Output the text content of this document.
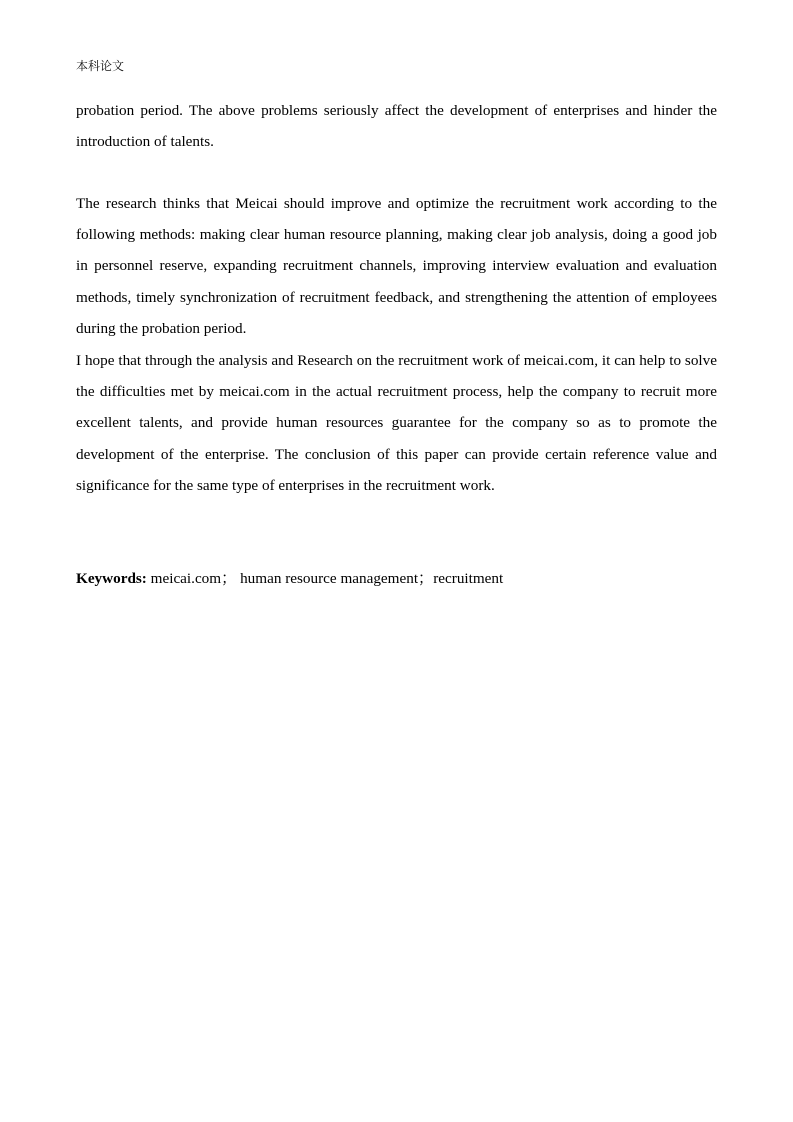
本科论文

probation period. The above problems seriously affect the development of enterprises and hinder the introduction of talents.

The research thinks that Meicai should improve and optimize the recruitment work according to the following methods: making clear human resource planning, making clear job analysis, doing a good job in personnel reserve, expanding recruitment channels, improving interview evaluation and evaluation methods, timely synchronization of recruitment feedback, and strengthening the attention of employees during the probation period.

I hope that through the analysis and Research on the recruitment work of meicai.com, it can help to solve the difficulties met by meicai.com in the actual recruitment process, help the company to recruit more excellent talents, and provide human resources guarantee for the company so as to promote the development of the enterprise. The conclusion of this paper can provide certain reference value and significance for the same type of enterprises in the recruitment work.

Keywords: meicai.com； human resource management；recruitment
